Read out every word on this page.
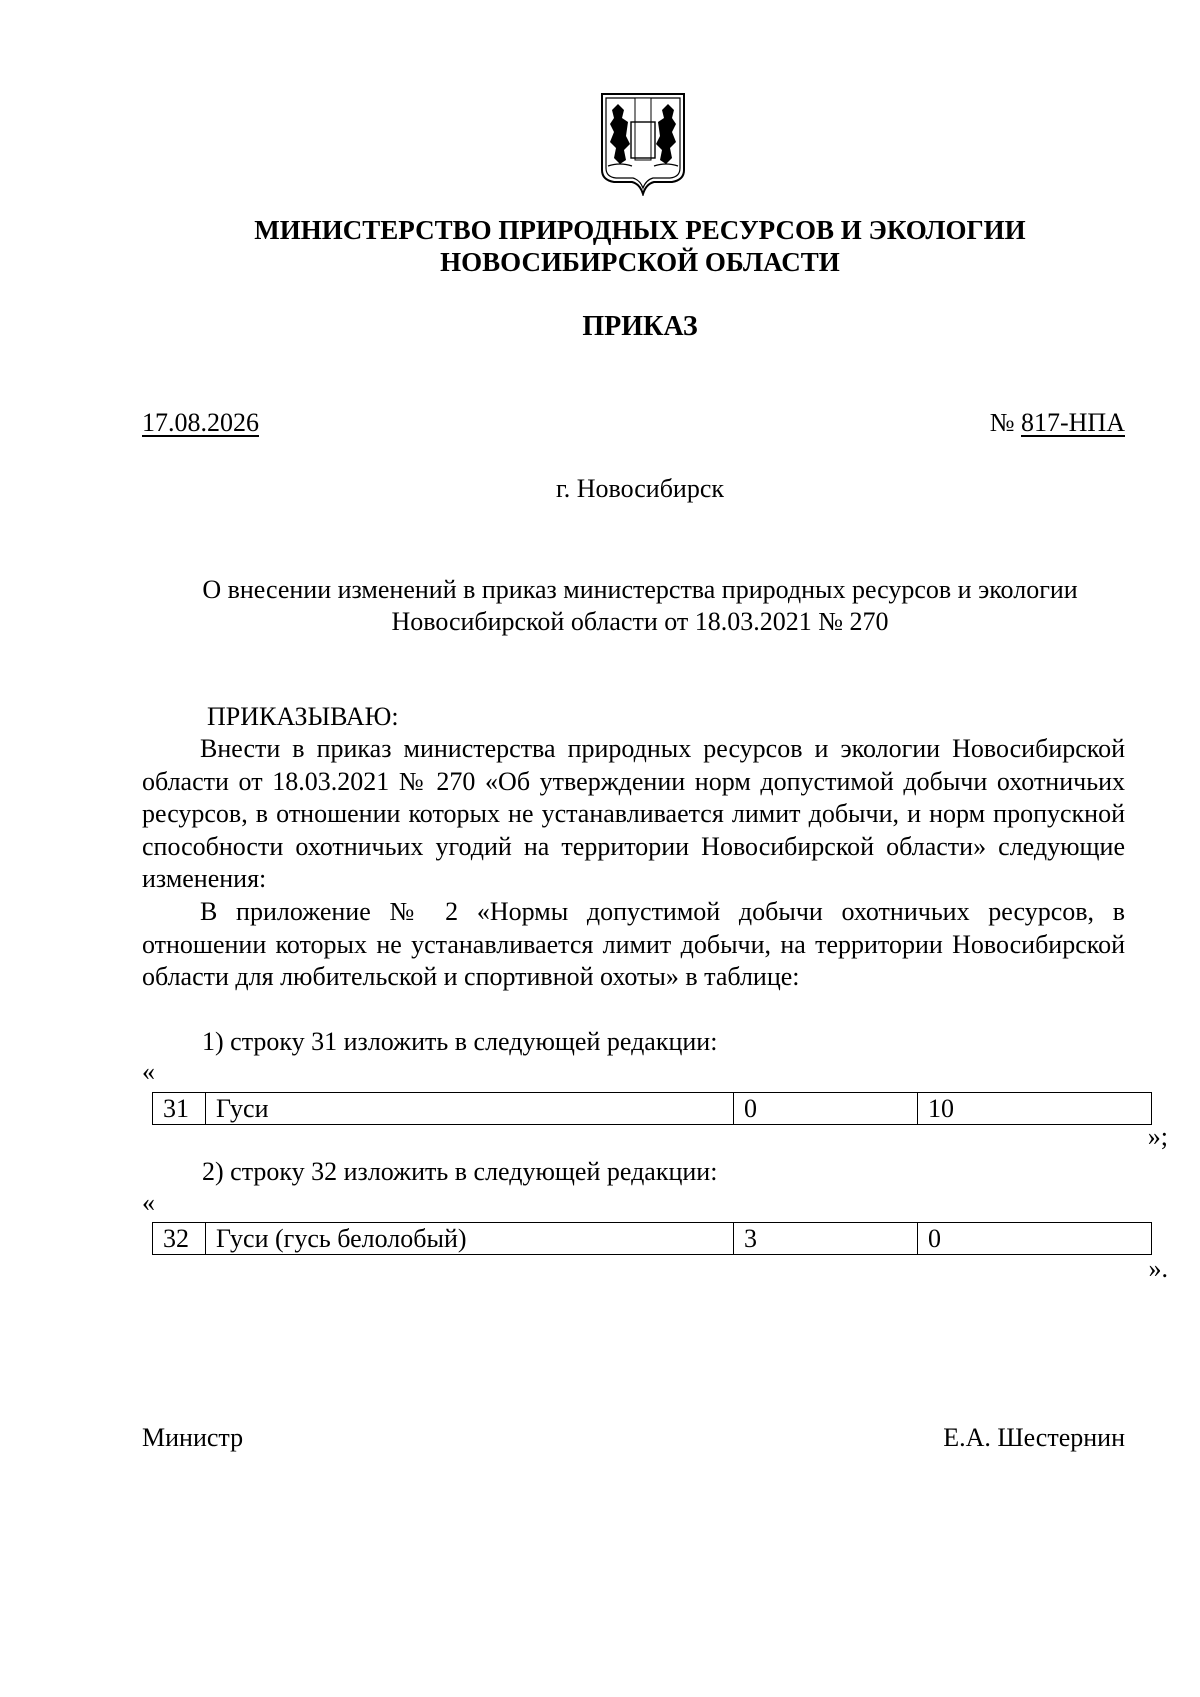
МИНИСТЕРСТВО ПРИРОДНЫХ РЕСУРСОВ И ЭКОЛОГИИ
НОВОСИБИРСКОЙ ОБЛАСТИ
ПРИКАЗ
17.08.2026	№ 817-НПА
г. Новосибирск
О внесении изменений в приказ министерства природных ресурсов и экологии
Новосибирской области от 18.03.2021 № 270
ПРИКАЗЫВАЮ:
Внести в приказ министерства природных ресурсов и экологии Новосибирской области от 18.03.2021 № 270 «Об утверждении норм допустимой добычи охотничьих ресурсов, в отношении которых не устанавливается лимит добычи, и норм пропускной способности охотничьих угодий на территории Новосибирской области» следующие изменения:
В приложение № 2 «Нормы допустимой добычи охотничьих ресурсов, в отношении которых не устанавливается лимит добычи, на территории Новосибирской области для любительской и спортивной охоты» в таблице:
1) строку 31 изложить в следующей редакции:
«
31	Гуси	0	10
»;
2) строку 32 изложить в следующей редакции:
«
32	Гуси (гусь белолобый)	3	0
».
Министр	Е.А. Шестернин
